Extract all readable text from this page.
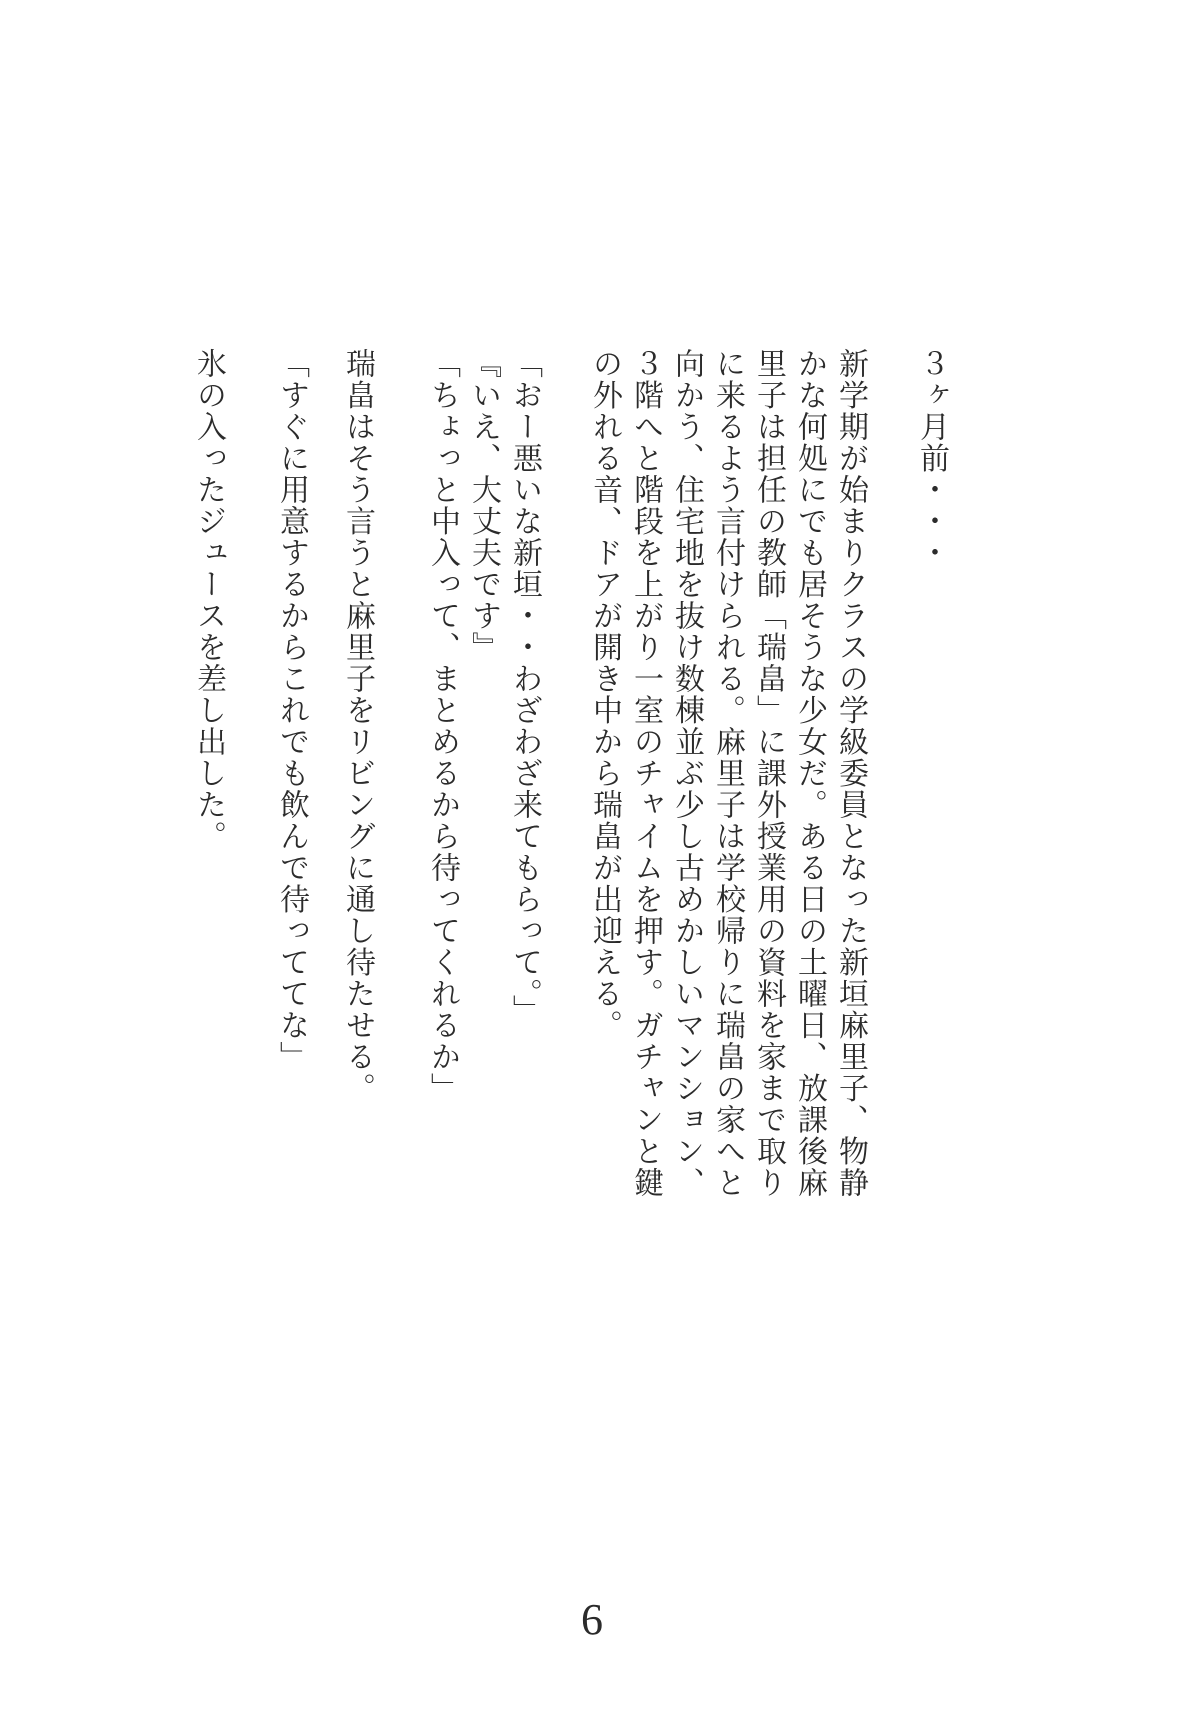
３ヶ月前・・・
新学期が始まりクラスの学級委員となった新垣麻里子、物静
かな何処にでも居そうな少女だ。ある日の土曜日、放課後麻
里子は担任の教師「瑞畠」に課外授業用の資料を家まで取り
に来るよう言付けられる。麻里子は学校帰りに瑞畠の家へと
向かう、住宅地を抜け数棟並ぶ少し古めかしいマンション、
３階へと階段を上がり一室のチャイムを押す。ガチャンと鍵
の外れる音、ドアが開き中から瑞畠が出迎える。
「おー悪いな新垣・・わざわざ来てもらって。」
『いえ、大丈夫です』
「ちょっと中入って、まとめるから待ってくれるか」
瑞畠はそう言うと麻里子をリビングに通し待たせる。
「すぐに用意するからこれでも飲んで待っててな」
氷の入ったジュースを差し出した。
6
